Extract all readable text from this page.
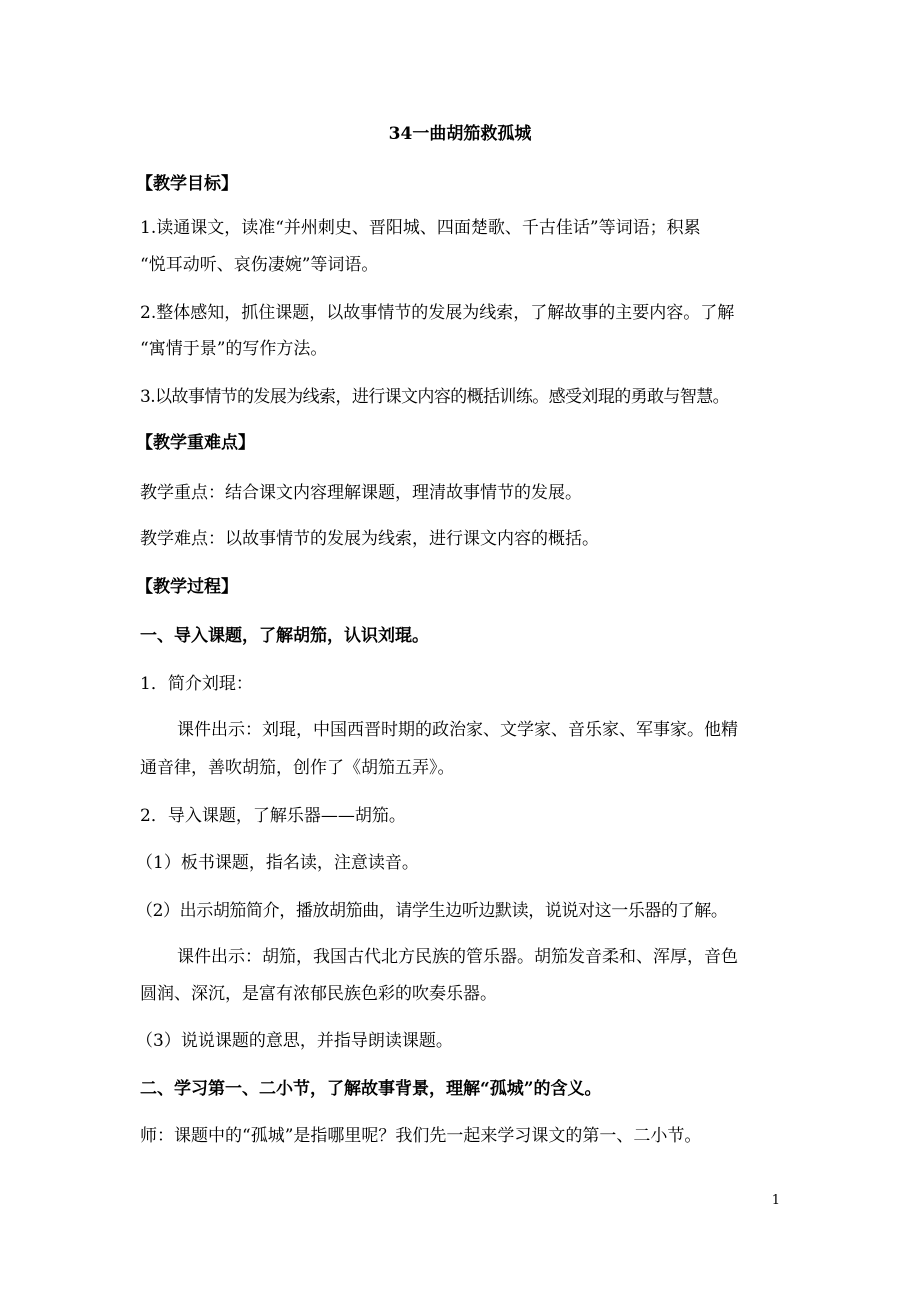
34一曲胡笳救孤城
【教学目标】
1.读通课文，读准“并州刺史、晋阳城、四面楚歌、千古佳话”等词语；积累
“悦耳动听、哀伤凄婉”等词语。
2.整体感知，抓住课题，以故事情节的发展为线索，了解故事的主要内容。了解
“寓情于景”的写作方法。
3.以故事情节的发展为线索，进行课文内容的概括训练。感受刘琨的勇敢与智慧。
【教学重难点】
教学重点：结合课文内容理解课题，理清故事情节的发展。
教学难点：以故事情节的发展为线索，进行课文内容的概括。
【教学过程】
一、导入课题，了解胡笳，认识刘琨。
1．简介刘琨：
课件出示：刘琨，中国西晋时期的政治家、文学家、音乐家、军事家。他精
通音律，善吹胡笳，创作了《胡笳五弄》。
2．导入课题，了解乐器——胡笳。
（1）板书课题，指名读，注意读音。
（2）出示胡笳简介，播放胡笳曲，请学生边听边默读，说说对这一乐器的了解。
课件出示：胡笳，我国古代北方民族的管乐器。胡笳发音柔和、浑厚，音色
圆润、深沉，是富有浓郁民族色彩的吹奏乐器。
（3）说说课题的意思，并指导朗读课题。
二、学习第一、二小节，了解故事背景，理解“孤城”的含义。
师：课题中的“孤城”是指哪里呢？我们先一起来学习课文的第一、二小节。
1
